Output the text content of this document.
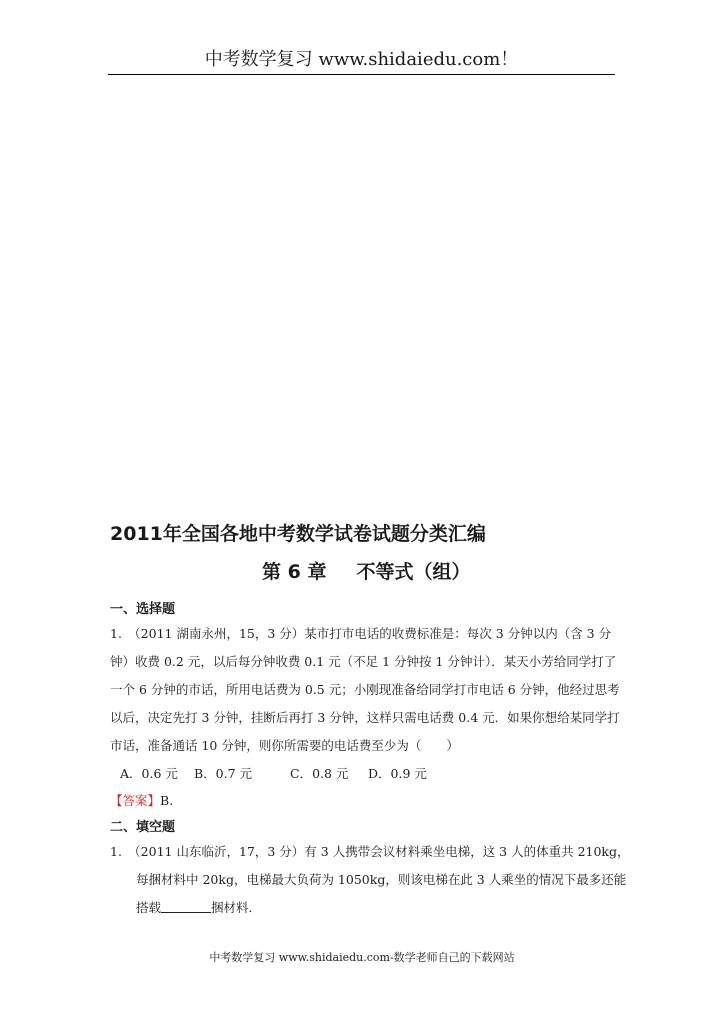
中考数学复习 www.shidaiedu.com！
2011年全国各地中考数学试卷试题分类汇编
第 6 章 不等式（组）
一、选择题
1.　（2011 湖南永州，15，3 分）某市打市电话的收费标准是：每次 3 分钟以内（含 3 分
钟）收费 0.2 元，以后每分钟收费 0.1 元（不足 1 分钟按 1 分钟计）．某天小芳给同学打了
一个 6 分钟的市话，所用电话费为 0.5 元；小刚现准备给同学打市电话 6 分钟，他经过思考
以后，决定先打 3 分钟，挂断后再打 3 分钟，这样只需电话费 0.4 元．如果你想给某同学打
市话，准备通话 10 分钟，则你所需要的电话费至少为（　　）
A．0.6 元 B．0.7 元	C．0.8 元 D．0.9 元
【答案】B.
二、填空题
1.　（2011 山东临沂，17，3 分）有 3 人携带会议材料乘坐电梯，这 3 人的体重共 210kg，
每捆材料中 20kg，电梯最大负荷为 1050kg，则该电梯在此 3 人乘坐的情况下最多还能
搭载	捆材料．
中考数学复习 www.shidaiedu.com-数学老师自己的下载网站
